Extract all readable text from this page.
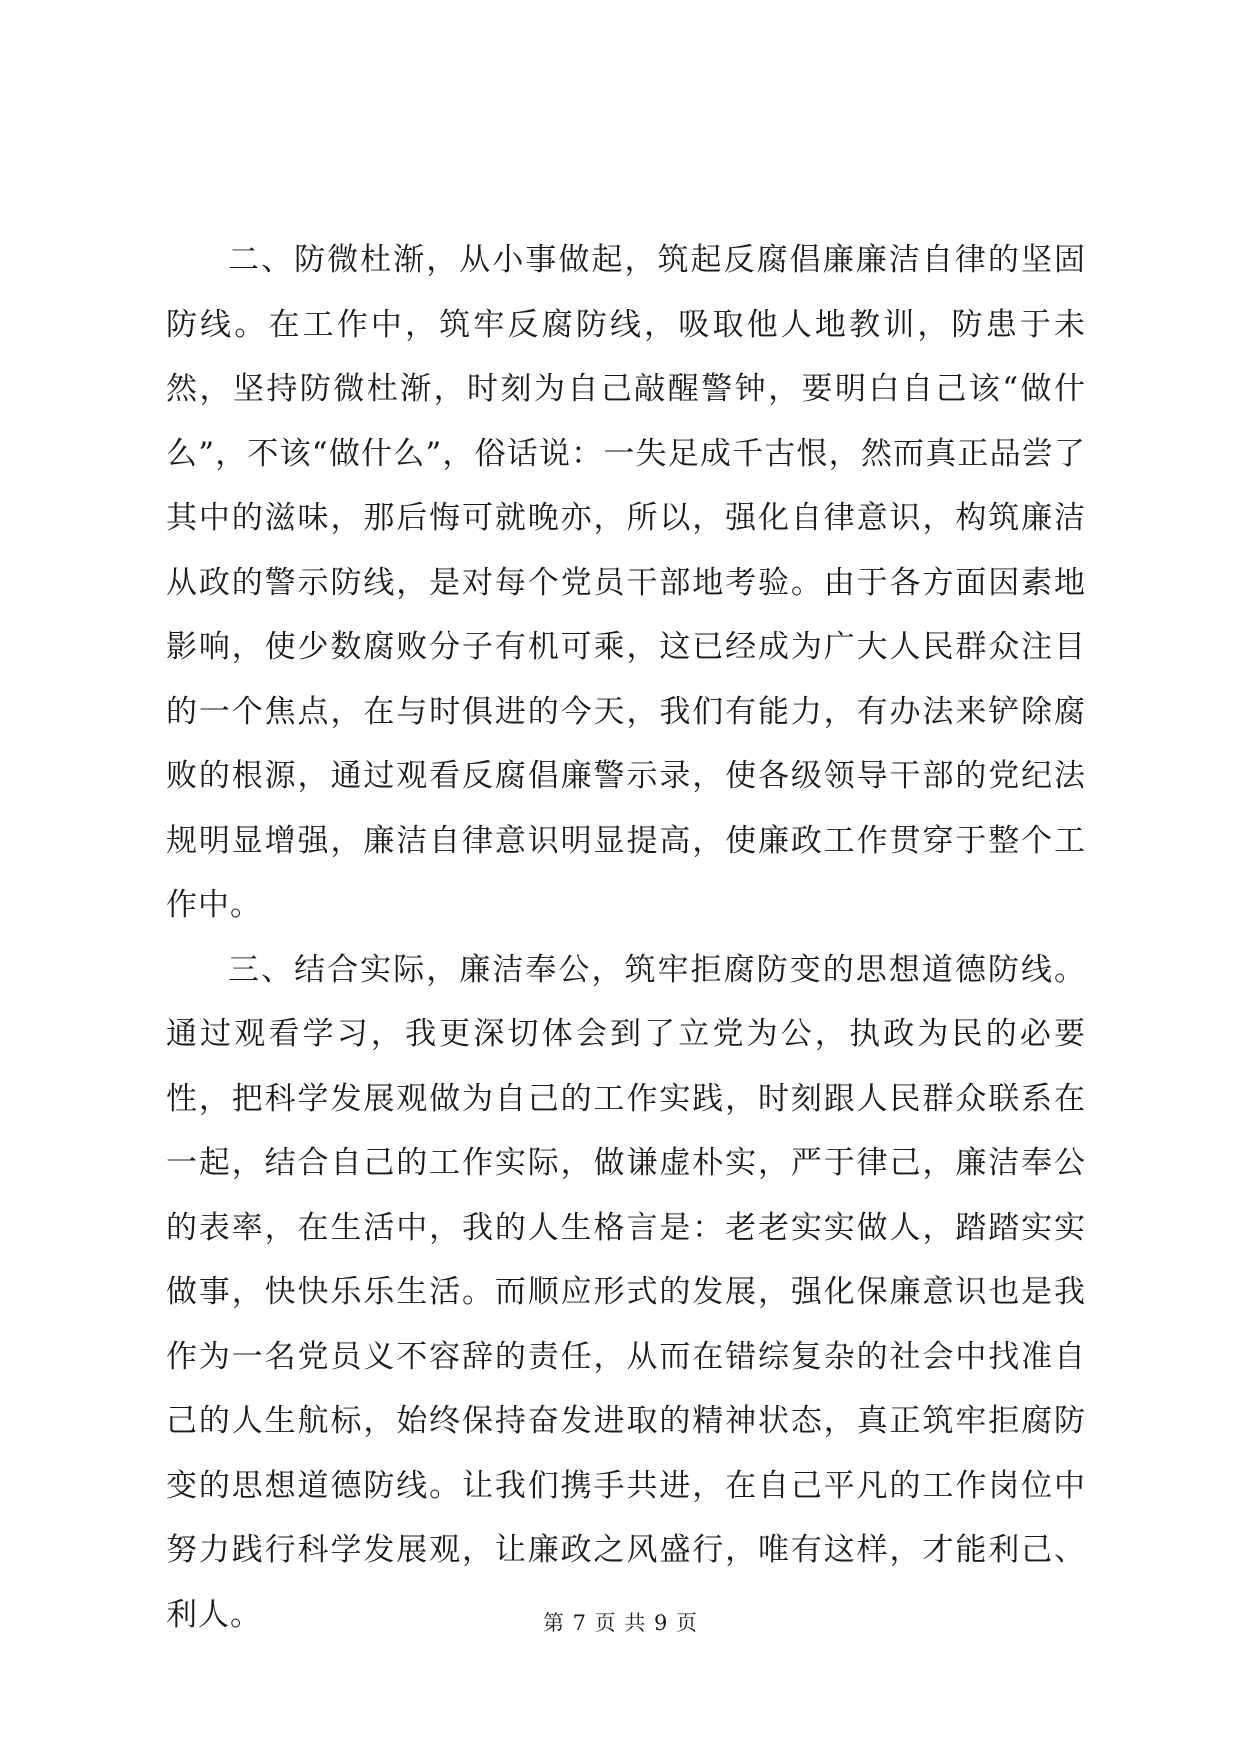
二、防微杜渐，从小事做起，筑起反腐倡廉廉洁自律的坚固防线。在工作中，筑牢反腐防线，吸取他人地教训，防患于未然，坚持防微杜渐，时刻为自己敲醒警钟，要明白自己该“做什么”，不该“做什么”，俗话说：一失足成千古恨，然而真正品尝了其中的滋味，那后悔可就晚亦，所以，强化自律意识，构筑廉洁从政的警示防线，是对每个党员干部地考验。由于各方面因素地影响，使少数腐败分子有机可乘，这已经成为广大人民群众注目的一个焦点，在与时俱进的今天，我们有能力，有办法来铲除腐败的根源，通过观看反腐倡廉警示录，使各级领导干部的党纪法规明显增强，廉洁自律意识明显提高，使廉政工作贯穿于整个工作中。

三、结合实际，廉洁奉公，筑牢拒腐防变的思想道德防线。通过观看学习，我更深切体会到了立党为公，执政为民的必要性，把科学发展观做为自己的工作实践，时刻跟人民群众联系在一起，结合自己的工作实际，做谦虚朴实，严于律己，廉洁奉公的表率，在生活中，我的人生格言是：老老实实做人，踏踏实实做事，快快乐乐生活。而顺应形式的发展，强化保廉意识也是我作为一名党员义不容辞的责任，从而在错综复杂的社会中找准自己的人生航标，始终保持奋发进取的精神状态，真正筑牢拒腐防变的思想道德防线。让我们携手共进，在自己平凡的工作岗位中努力践行科学发展观，让廉政之风盛行，唯有这样，才能利己、利人。	第 7 页 共 9 页
